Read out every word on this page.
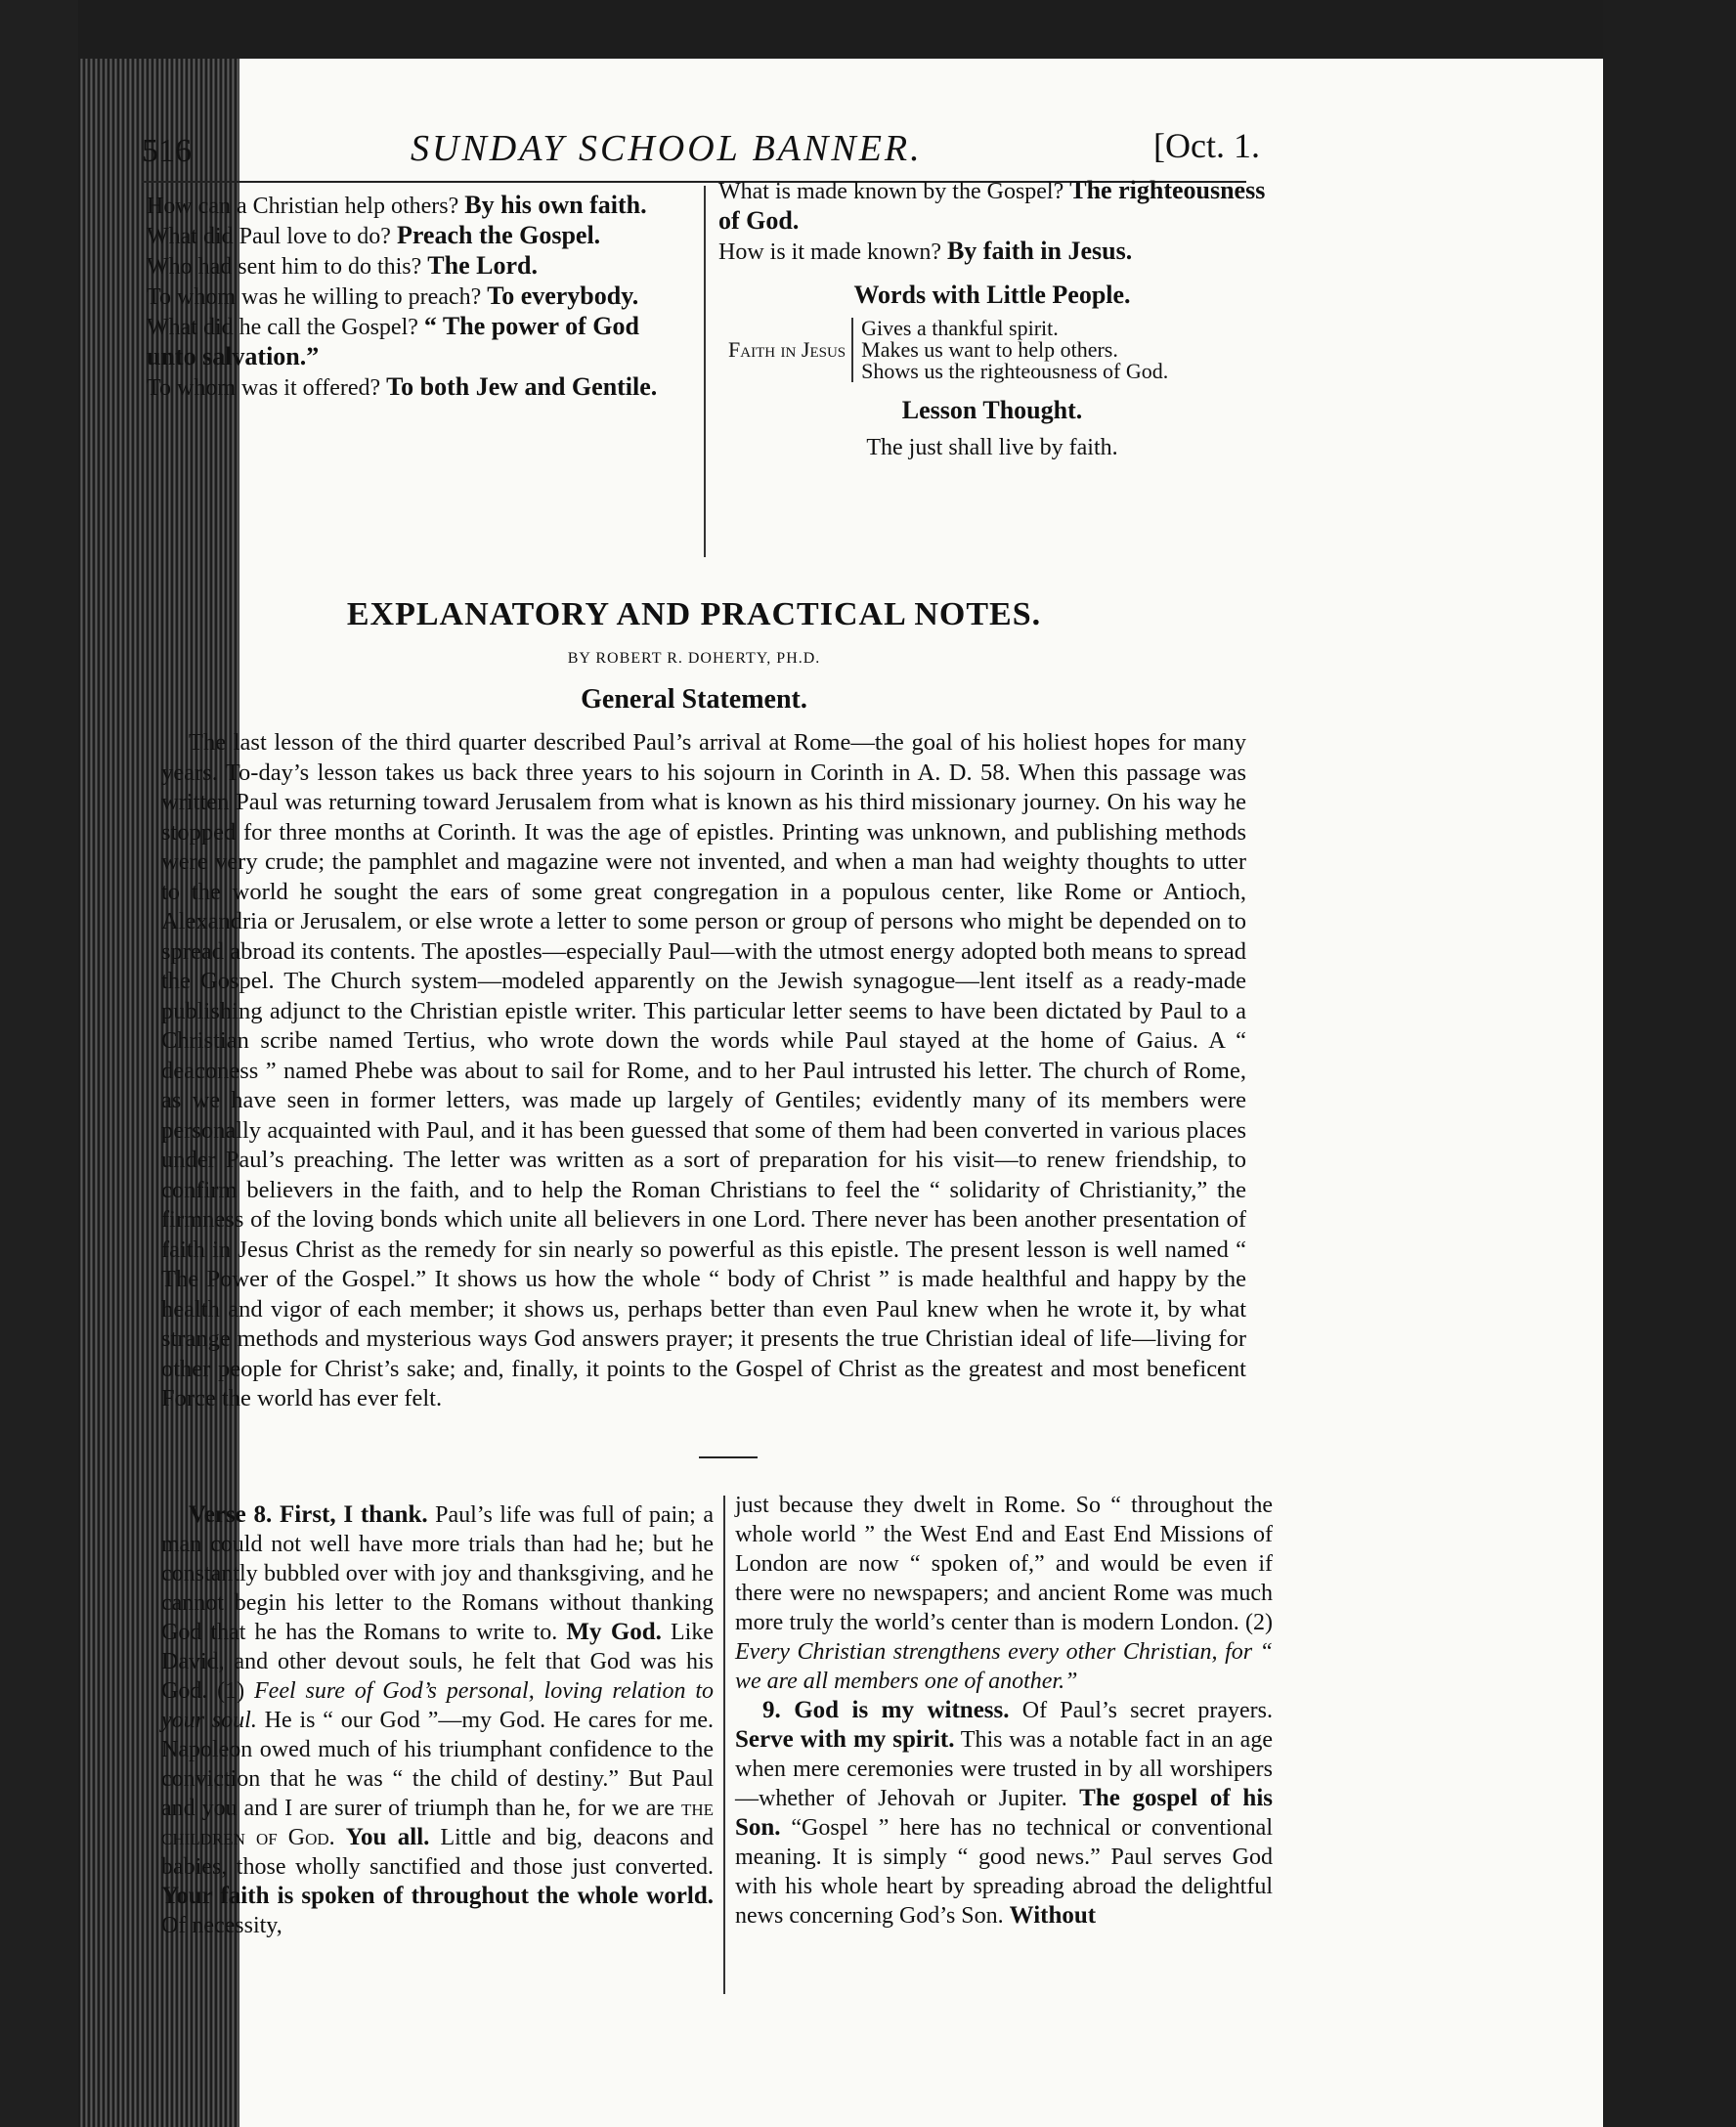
516	SUNDAY SCHOOL BANNER.	[Oct. 1.
How can a Christian help others? By his own faith.
What did Paul love to do? Preach the Gospel.
Who had sent him to do this? The Lord.
To whom was he willing to preach? To everybody.
What did he call the Gospel? “ The power of God unto salvation.”
To whom was it offered? To both Jew and Gentile.
What is made known by the Gospel? The righteousness of God.
How is it made known? By faith in Jesus.
Words with Little People.
Faith in Jesus
Gives a thankful spirit.
Makes us want to help others.
Shows us the righteousness of God.
Lesson Thought.
The just shall live by faith.
EXPLANATORY AND PRACTICAL NOTES.
BY ROBERT R. DOHERTY, PH.D.
General Statement.
The last lesson of the third quarter described Paul’s arrival at Rome—the goal of his holiest hopes for many years. To-day’s lesson takes us back three years to his sojourn in Corinth in A. D. 58. When this passage was written Paul was returning toward Jerusalem from what is known as his third missionary journey. On his way he stopped for three months at Corinth. It was the age of epistles. Printing was unknown, and publishing methods were very crude; the pamphlet and magazine were not invented, and when a man had weighty thoughts to utter to the world he sought the ears of some great congregation in a populous center, like Rome or Antioch, Alexandria or Jerusalem, or else wrote a letter to some person or group of persons who might be depended on to spread abroad its contents. The apostles—especially Paul—with the utmost energy adopted both means to spread the Gospel. The Church system—modeled apparently on the Jewish synagogue—lent itself as a ready-made publishing adjunct to the Christian epistle writer. This particular letter seems to have been dictated by Paul to a Christian scribe named Tertius, who wrote down the words while Paul stayed at the home of Gaius. A “ deaconess ” named Phebe was about to sail for Rome, and to her Paul intrusted his letter. The church of Rome, as we have seen in former letters, was made up largely of Gentiles; evidently many of its members were personally acquainted with Paul, and it has been guessed that some of them had been converted in various places under Paul’s preaching. The letter was written as a sort of preparation for his visit—to renew friendship, to confirm believers in the faith, and to help the Roman Christians to feel the “ solidarity of Christianity,” the firmness of the loving bonds which unite all believers in one Lord. There never has been another presentation of faith in Jesus Christ as the remedy for sin nearly so powerful as this epistle. The present lesson is well named “ The Power of the Gospel.” It shows us how the whole “ body of Christ ” is made healthful and happy by the health and vigor of each member; it shows us, perhaps better than even Paul knew when he wrote it, by what strange methods and mysterious ways God answers prayer; it presents the true Christian ideal of life—living for other people for Christ’s sake; and, finally, it points to the Gospel of Christ as the greatest and most beneficent Force the world has ever felt.
Verse 8. First, I thank. Paul’s life was full of pain; a man could not well have more trials than had he; but he constantly bubbled over with joy and thanksgiving, and he cannot begin his letter to the Romans without thanking God that he has the Romans to write to. My God. Like David, and other devout souls, he felt that God was his God. (1) Feel sure of God’s personal, loving relation to your soul. He is “ our God ”—my God. He cares for me. Napoleon owed much of his triumphant confidence to the conviction that he was “ the child of destiny.” But Paul and you and I are surer of triumph than he, for we are the children of God. You all. Little and big, deacons and babies, those wholly sanctified and those just converted. Your faith is spoken of throughout the whole world. Of necessity,
just because they dwelt in Rome. So “ throughout the whole world ” the West End and East End Missions of London are now “ spoken of,” and would be even if there were no newspapers; and ancient Rome was much more truly the world’s center than is modern London. (2) Every Christian strengthens every other Christian, for “ we are all members one of another.”
9. God is my witness. Of Paul’s secret prayers. Serve with my spirit. This was a notable fact in an age when mere ceremonies were trusted in by all worshipers—whether of Jehovah or Jupiter. The gospel of his Son. “Gospel ” here has no technical or conventional meaning. It is simply “ good news.” Paul serves God with his whole heart by spreading abroad the delightful news concerning God’s Son. Without
